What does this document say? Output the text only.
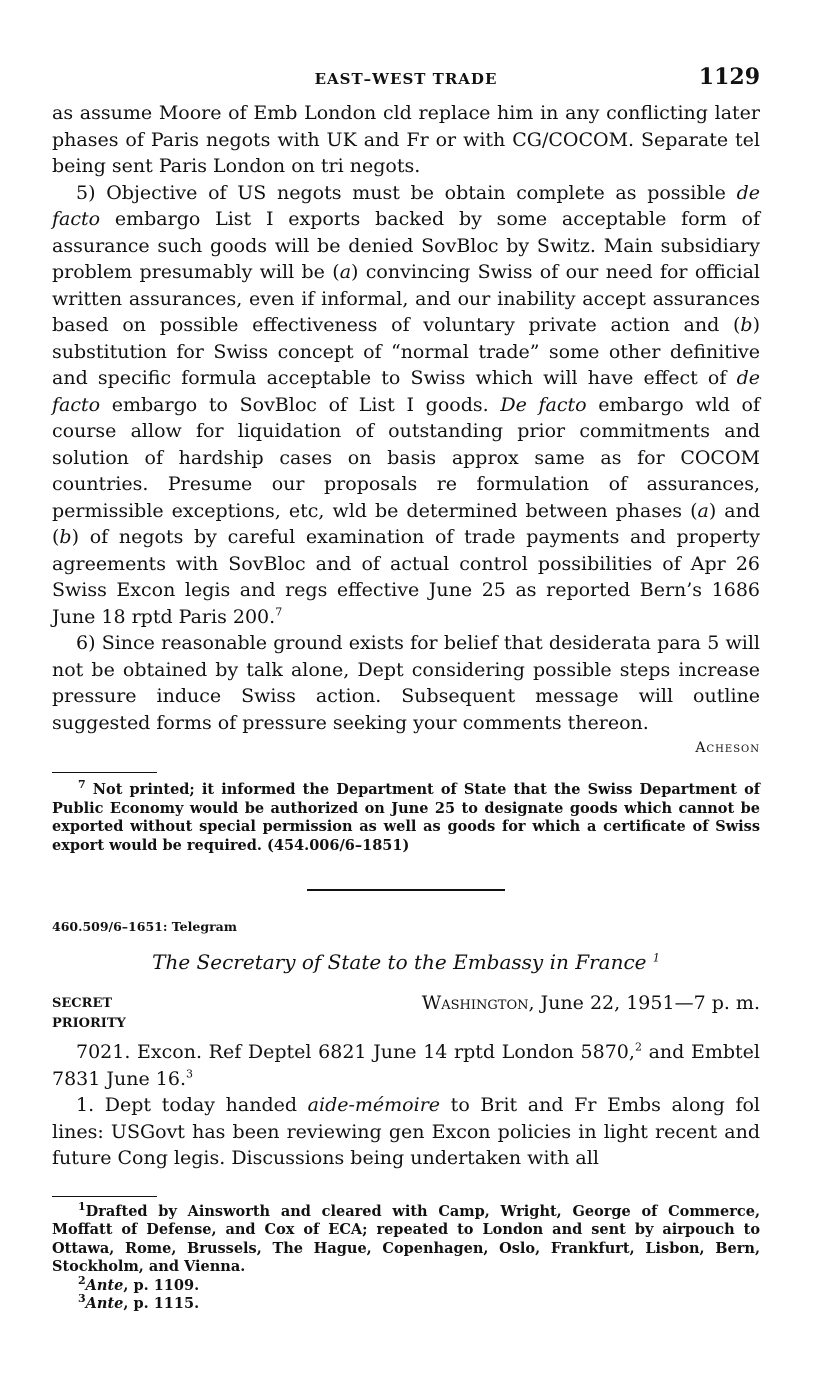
EAST–WEST TRADE	1129

as assume Moore of Emb London cld replace him in any conflicting later phases of Paris negots with UK and Fr or with CG/COCOM. Separate tel being sent Paris London on tri negots.

5) Objective of US negots must be obtain complete as possible de facto embargo List I exports backed by some acceptable form of assurance such goods will be denied SovBloc by Switz. Main subsidiary problem presumably will be (a) convincing Swiss of our need for official written assurances, even if informal, and our inability accept assurances based on possible effectiveness of voluntary private action and (b) substitution for Swiss concept of “normal trade” some other definitive and specific formula acceptable to Swiss which will have effect of de facto embargo to SovBloc of List I goods. De facto embargo wld of course allow for liquidation of outstanding prior commitments and solution of hardship cases on basis approx same as for COCOM countries. Presume our proposals re formulation of assurances, permissible exceptions, etc, wld be determined between phases (a) and (b) of negots by careful examination of trade payments and property agreements with SovBloc and of actual control possibilities of Apr 26 Swiss Excon legis and regs effective June 25 as reported Bern’s 1686 June 18 rptd Paris 200.$^7$

6) Since reasonable ground exists for belief that desiderata para 5 will not be obtained by talk alone, Dept considering possible steps increase pressure induce Swiss action. Subsequent message will outline suggested forms of pressure seeking your comments thereon.

Acheson

$^7$ Not printed; it informed the Department of State that the Swiss Department of Public Economy would be authorized on June 25 to designate goods which cannot be exported without special permission as well as goods for which a certificate of Swiss export would be required. (454.006/6–1851)

460.509/6–1651: Telegram
The Secretary of State to the Embassy in France $^1$
SECRET	Washington, June 22, 1951—7 p. m.
PRIORITY

7021. Excon. Ref Deptel 6821 June 14 rptd London 5870,$^2$ and Embtel 7831 June 16.$^3$

1. Dept today handed aide-mémoire to Brit and Fr Embs along fol lines: USGovt has been reviewing gen Excon policies in light recent and future Cong legis. Discussions being undertaken with all

$^1$Drafted by Ainsworth and cleared with Camp, Wright, George of Commerce, Moffatt of Defense, and Cox of ECA; repeated to London and sent by airpouch to Ottawa, Rome, Brussels, The Hague, Copenhagen, Oslo, Frankfurt, Lisbon, Bern, Stockholm, and Vienna.

$^2$Ante, p. 1109.

$^3$Ante, p. 1115.
